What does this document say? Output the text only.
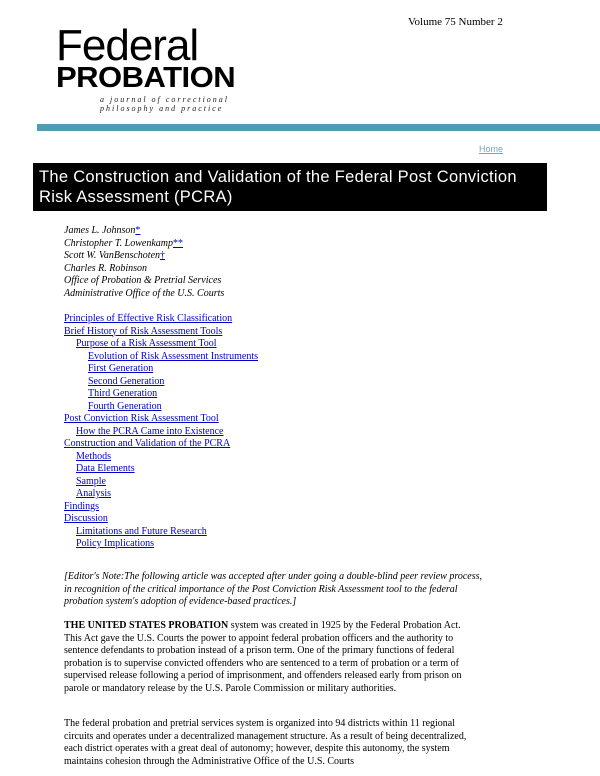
Volume 75 Number 2
Federal
PROBATION
a journal of correctional
philosophy and practice
Home
The Construction and Validation of the Federal Post Conviction Risk Assessment (PCRA)
James L. Johnson*
Christopher T. Lowenkamp**
Scott W. VanBenschoten†
Charles R. Robinson
Office of Probation & Pretrial Services
Administrative Office of the U.S. Courts
Principles of Effective Risk Classification
Brief History of Risk Assessment Tools
Purpose of a Risk Assessment Tool
Evolution of Risk Assessment Instruments
First Generation
Second Generation
Third Generation
Fourth Generation
Post Conviction Risk Assessment Tool
How the PCRA Came into Existence
Construction and Validation of the PCRA
Methods
Data Elements
Sample
Analysis
Findings
Discussion
Limitations and Future Research
Policy Implications
[Editor's Note:The following article was accepted after under going a double-blind peer review process, in recognition of the critical importance of the Post Conviction Risk Assessment tool to the federal probation system's adoption of evidence-based practices.]
THE UNITED STATES PROBATION system was created in 1925 by the Federal Probation Act. This Act gave the U.S. Courts the power to appoint federal probation officers and the authority to sentence defendants to probation instead of a prison term. One of the primary functions of federal probation is to supervise convicted offenders who are sentenced to a term of probation or a term of supervised release following a period of imprisonment, and offenders released early from prison on parole or mandatory release by the U.S. Parole Commission or military authorities.
The federal probation and pretrial services system is organized into 94 districts within 11 regional circuits and operates under a decentralized management structure. As a result of being decentralized, each district operates with a great deal of autonomy; however, despite this autonomy, the system maintains cohesion through the Administrative Office of the U.S. Courts
